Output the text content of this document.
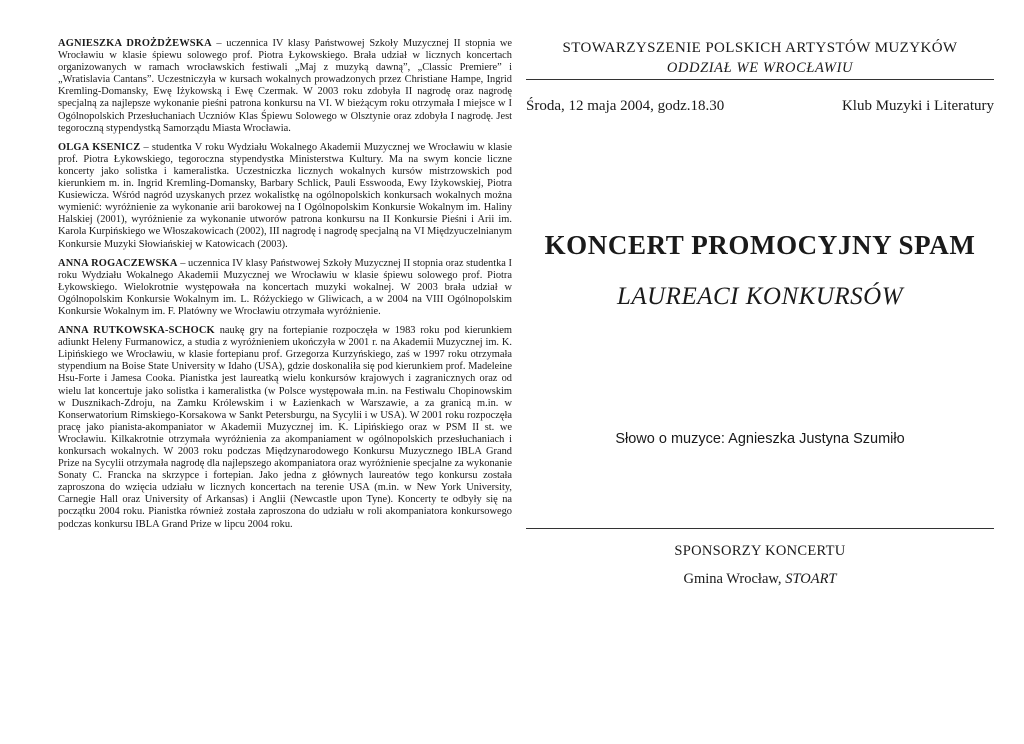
AGNIESZKA DROŻDŻEWSKA – uczennica IV klasy Państwowej Szkoły Muzycznej II stopnia we Wrocławiu w klasie śpiewu solowego prof. Piotra Łykowskiego. Brała udział w licznych koncertach organizowanych w ramach wrocławskich festiwali „Maj z muzyką dawną”, „Classic Premiere” i „Wratislavia Cantans”. Uczestniczyła w kursach wokalnych prowadzonych przez Christiane Hampe, Ingrid Kremling-Domansky, Ewę Iżykowską i Ewę Czermak. W 2003 roku zdobyła II nagrodę oraz nagrodę specjalną za najlepsze wykonanie pieśni patrona konkursu na VI. W bieżącym roku otrzymała I miejsce w I Ogólnopolskich Przesłuchaniach Uczniów Klas Śpiewu Solowego w Olsztynie oraz zdobyła I nagrodę. Jest tegoroczną stypendystką Samorządu Miasta Wrocławia.

OLGA KSENICZ – studentka V roku Wydziału Wokalnego Akademii Muzycznej we Wrocławiu w klasie prof. Piotra Łykowskiego, tegoroczna stypendystka Ministerstwa Kultury. Ma na swym koncie liczne koncerty jako solistka i kameralistka. Uczestniczka licznych wokalnych kursów mistrzowskich pod kierunkiem m. in. Ingrid Kremling-Domansky, Barbary Schlick, Pauli Esswooda, Ewy Iżykowskiej, Piotra Kusiewicza. Wśród nagród uzyskanych przez wokalistkę na ogólnopolskich konkursach wokalnych można wymienić: wyróżnienie za wykonanie arii barokowej na I Ogólnopolskim Konkursie Wokalnym im. Haliny Halskiej (2001), wyróżnienie za wykonanie utworów patrona konkursu na II Konkursie Pieśni i Arii im. Karola Kurpińskiego we Włoszakowicach (2002), III nagrodę i nagrodę specjalną na VI Międzyuczelnianym Konkursie Muzyki Słowiańskiej w Katowicach (2003).

ANNA ROGACZEWSKA – uczennica IV klasy Państwowej Szkoły Muzycznej II stopnia oraz studentka I roku Wydziału Wokalnego Akademii Muzycznej we Wrocławiu w klasie śpiewu solowego prof. Piotra Łykowskiego. Wielokrotnie występowała na koncertach muzyki wokalnej. W 2003 brała udział w Ogólnopolskim Konkursie Wokalnym im. L. Różyckiego w Gliwicach, a w 2004 na VIII Ogólnopolskim Konkursie Wokalnym im. F. Platówny we Wrocławiu otrzymała wyróżnienie.

ANNA RUTKOWSKA-SCHOCK naukę gry na fortepianie rozpoczęła w 1983 roku pod kierunkiem adiunkt Heleny Furmanowicz, a studia z wyróżnieniem ukończyła w 2001 r. na Akademii Muzycznej im. K. Lipińskiego we Wrocławiu, w klasie fortepianu prof. Grzegorza Kurzyńskiego, zaś w 1997 roku otrzymała stypendium na Boise State University w Idaho (USA), gdzie doskonaliła się pod kierunkiem prof. Madeleine Hsu-Forte i Jamesa Cooka. Pianistka jest laureatką wielu konkursów krajowych i zagranicznych oraz od wielu lat koncertuje jako solistka i kameralistka (w Polsce występowała m.in. na Festiwalu Chopinowskim w Dusznikach-Zdroju, na Zamku Królewskim i w Łazienkach w Warszawie, a za granicą m.in. w Konserwatorium Rimskiego-Korsakowa w Sankt Petersburgu, na Sycylii i w USA). W 2001 roku rozpoczęła pracę jako pianista-akompaniator w Akademii Muzycznej im. K. Lipińskiego oraz w PSM II st. we Wrocławiu. Kilkakrotnie otrzymała wyróżnienia za akompaniament w ogólnopolskich przesłuchaniach i konkursach wokalnych. W 2003 roku podczas Międzynarodowego Konkursu Muzycznego IBLA Grand Prize na Sycylii otrzymała nagrodę dla najlepszego akompaniatora oraz wyróżnienie specjalne za wykonanie Sonaty C. Francka na skrzypce i fortepian. Jako jedna z głównych laureatów tego konkursu została zaproszona do wzięcia udziału w licznych koncertach na terenie USA (m.in. w New York University, Carnegie Hall oraz University of Arkansas) i Anglii (Newcastle upon Tyne). Koncerty te odbyły się na początku 2004 roku. Pianistka również została zaproszona do udziału w roli akompaniatora konkursowego podczas konkursu IBLA Grand Prize w lipcu 2004 roku.

STOWARZYSZENIE POLSKICH ARTYSTÓW MUZYKÓW
ODDZIAŁ WE WROCŁAWIU
Środa, 12 maja 2004, godz.18.30	Klub Muzyki i Literatury
KONCERT PROMOCYJNY SPAM
LAUREACI KONKURSÓW
Słowo o muzyce: Agnieszka Justyna Szumiło
SPONSORZY KONCERTU
Gmina Wrocław, STOART
